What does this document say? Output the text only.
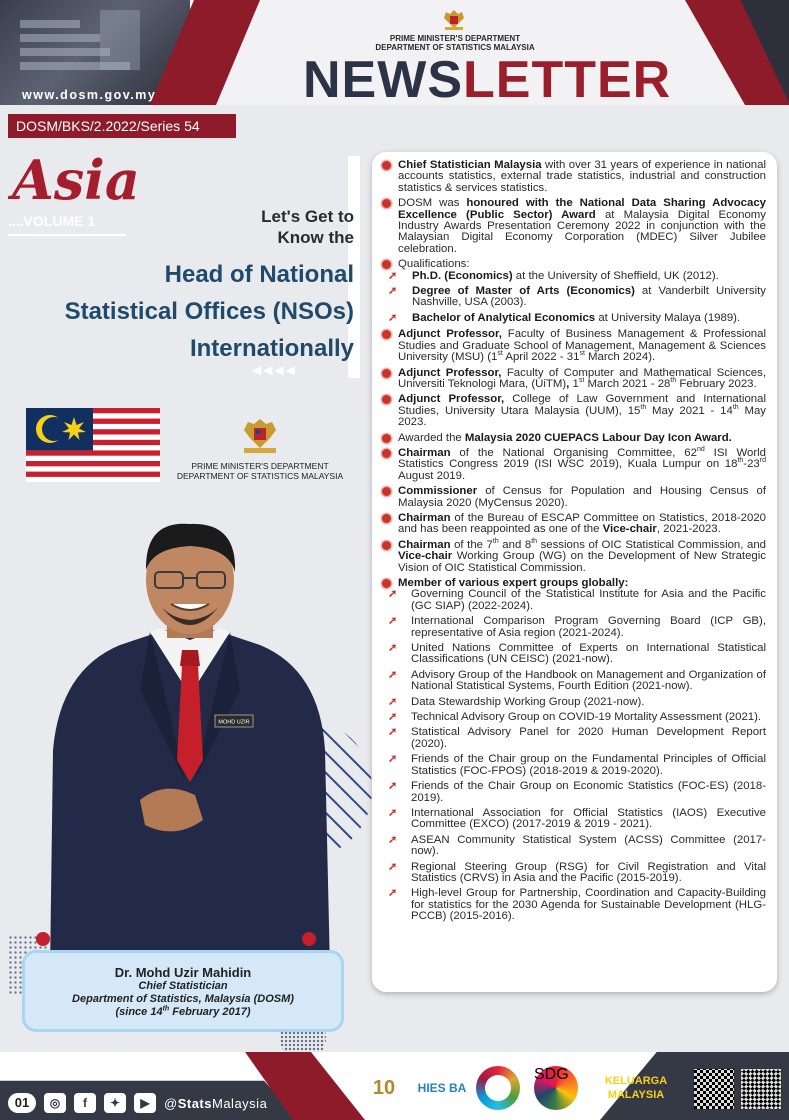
www.dosm.gov.my
PRIME MINISTER'S DEPARTMENT
DEPARTMENT OF STATISTICS MALAYSIA
NEWSLETTER
DOSM/BKS/2.2022/Series 54
Asia
....VOLUME 1	Let's Get to
Know the
Head of National
Statistical Offices (NSOs)
Internationally
◀◀◀◀
PRIME MINISTER'S DEPARTMENT
DEPARTMENT OF STATISTICS MALAYSIA
MOHD UZIR
Dr. Mohd Uzir Mahidin
Chief Statistician
Department of Statistics, Malaysia (DOSM)
(since 14th February 2017)
Chief Statistician Malaysia with over 31 years of experience in national accounts statistics, external trade statistics, industrial and construction statistics & services statistics.
DOSM was honoured with the National Data Sharing Advocacy Excellence (Public Sector) Award at Malaysia Digital Economy Industry Awards Presentation Ceremony 2022 in conjunction with the Malaysian Digital Economy Corporation (MDEC) Silver Jubilee celebration.
Qualifications:
➚ Ph.D. (Economics) at the University of Sheffield, UK (2012).
➚ Degree of Master of Arts (Economics) at Vanderbilt University Nashville, USA (2003).
➚ Bachelor of Analytical Economics at University Malaya (1989).
Adjunct Professor, Faculty of Business Management & Professional Studies and Graduate School of Management, Management & Sciences University (MSU) (1st April 2022 - 31st March 2024).
Adjunct Professor, Faculty of Computer and Mathematical Sciences, Universiti Teknologi Mara, (UiTM), 1st March 2021 - 28th February 2023.
Adjunct Professor, College of Law Government and International Studies, University Utara Malaysia (UUM), 15th May 2021 - 14th May 2023.
Awarded the Malaysia 2020 CUEPACS Labour Day Icon Award.
Chairman of the National Organising Committee, 62nd ISI World Statistics Congress 2019 (ISI WSC 2019), Kuala Lumpur on 18th-23rd August 2019.
Commissioner of Census for Population and Housing Census of Malaysia 2020 (MyCensus 2020).
Chairman of the Bureau of ESCAP Committee on Statistics, 2018-2020 and has been reappointed as one of the Vice-chair, 2021-2023.
Chairman of the 7th and 8th sessions of OIC Statistical Commission, and Vice-chair Working Group (WG) on the Development of New Strategic Vision of OIC Statistical Commission.
Member of various expert groups globally:
➚ Governing Council of the Statistical Institute for Asia and the Pacific (GC SIAP) (2022-2024).
➚ International Comparison Program Governing Board (ICP GB), representative of Asia region (2021-2024).
➚ United Nations Committee of Experts on International Statistical Classifications (UN CEISC) (2021-now).
➚ Advisory Group of the Handbook on Management and Organization of National Statistical Systems, Fourth Edition (2021-now).
➚ Data Stewardship Working Group (2021-now).
➚ Technical Advisory Group on COVID-19 Mortality Assessment (2021).
➚ Statistical Advisory Panel for 2020 Human Development Report (2020).
➚ Friends of the Chair group on the Fundamental Principles of Official Statistics (FOC-FPOS) (2018-2019 & 2019-2020).
➚ Friends of the Chair Group on Economic Statistics (FOC-ES) (2018-2019).
➚ International Association for Official Statistics (IAOS) Executive Committee (EXCO) (2017-2019 & 2019 - 2021).
➚ ASEAN Community Statistical System (ACSS) Committee (2017-now).
➚ Regional Steering Group (RSG) for Civil Registration and Vital Statistics (CRVS) in Asia and the Pacific (2015-2019).
➚ High-level Group for Partnership, Coordination and Capacity-Building for statistics for the 2030 Agenda for Sustainable Development (HLG-PCCB) (2015-2016).
01	◎	f	✦	▶	@StatsMalaysia
10	HIES BA
SDG	KELUARGA MALAYSIA
